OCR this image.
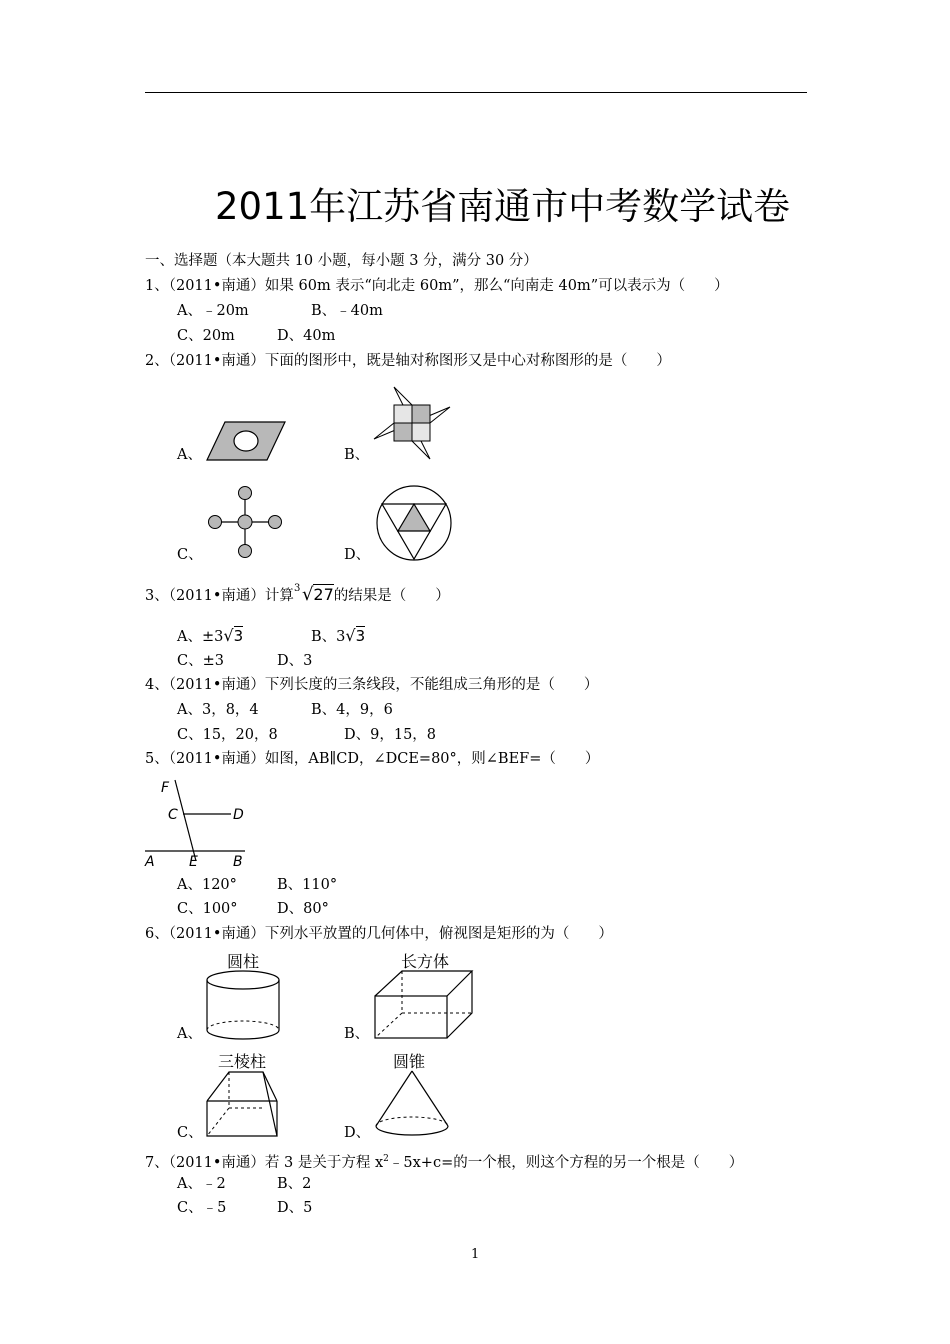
2011年江苏省南通市中考数学试卷
一、选择题（本大题共 10 小题，每小题 3 分，满分 30 分）
1、（2011•南通）如果 60m 表示“向北走 60m”，那么“向南走 40m”可以表示为（　　）
A、﹣20m	B、﹣40m
C、20m	D、40m
2、（2011•南通）下面的图形中，既是轴对称图形又是中心对称图形的是（　　）
A、	B、
C、	D、
3、（2011•南通）计算 3 √27的结果是（　　）
A、±3√3	B、3√3
C、±3	D、3
4、（2011•南通）下列长度的三条线段，不能组成三角形的是（　　）
A、3，8，4	B、4，9，6
C、15，20，8	D、9，15，8
5、（2011•南通）如图，AB∥CD，∠DCE=80°，则∠BEF=（　　）
F
C	D
A E	B
A、120°	B、110°
C、100°	D、80°
6、（2011•南通）下列水平放置的几何体中，俯视图是矩形的为（　　）
圆柱
A、
长方体
B、
三棱柱
C、
圆锥
D、
7、（2011•南通）若 3 是关于方程 $x^2﹣5x+c=$的一个根，则这个方程的另一个根是（　　）
A、﹣2	B、2
C、﹣5	D、5
1
